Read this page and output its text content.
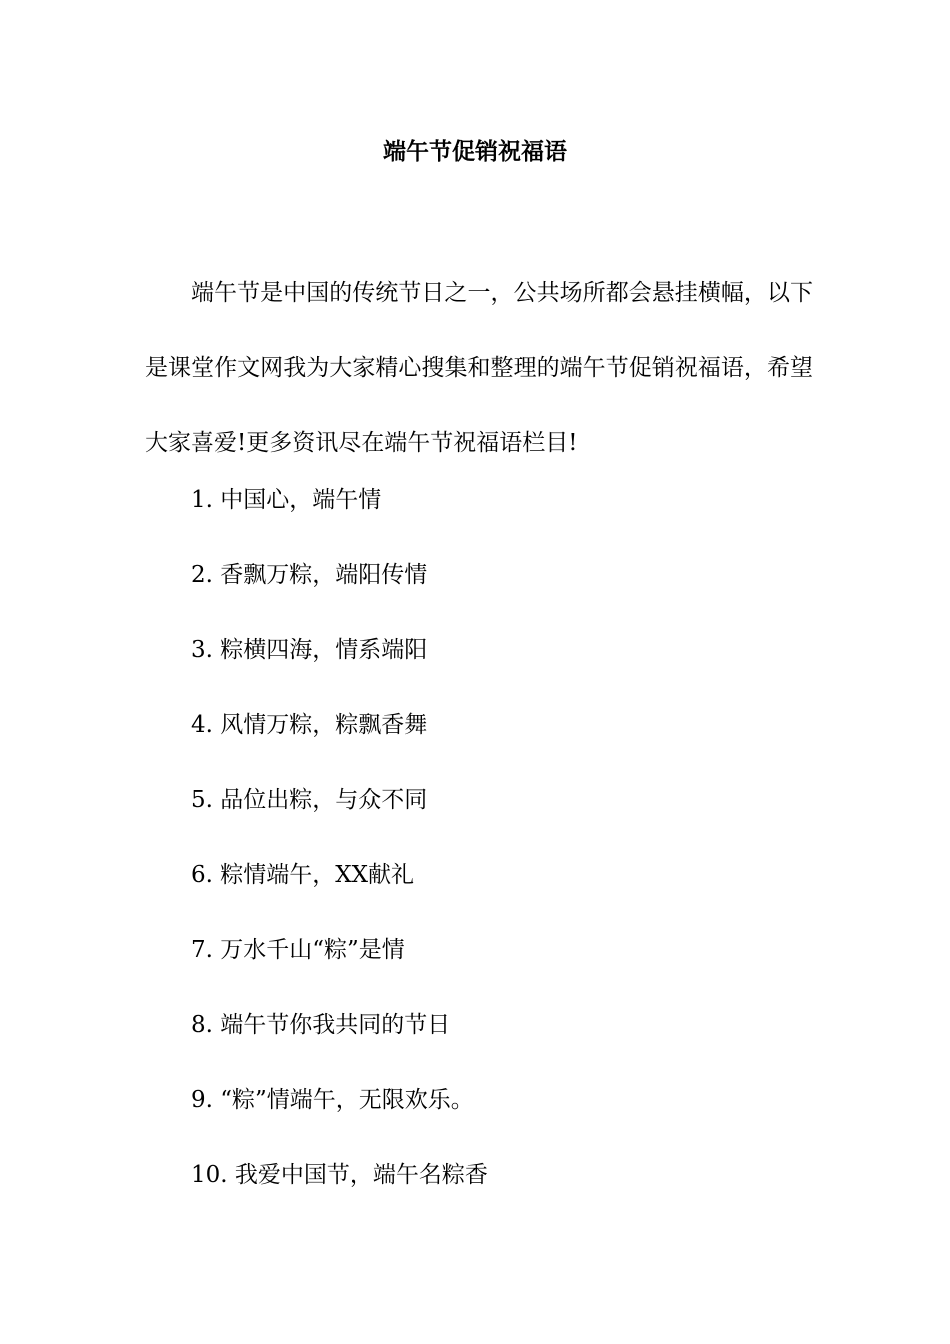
端午节促销祝福语

端午节是中国的传统节日之一，公共场所都会悬挂横幅，以下是课堂作文网我为大家精心搜集和整理的端午节促销祝福语，希望大家喜爱!更多资讯尽在端午节祝福语栏目!

1. 中国心，端午情
2. 香飘万粽，端阳传情
3. 粽横四海，情系端阳
4. 风情万粽，粽飘香舞
5. 品位出粽，与众不同
6. 粽情端午，XX献礼
7. 万水千山“粽”是情
8. 端午节你我共同的节日
9. “粽”情端午，无限欢乐。
10. 我爱中国节，端午名粽香
